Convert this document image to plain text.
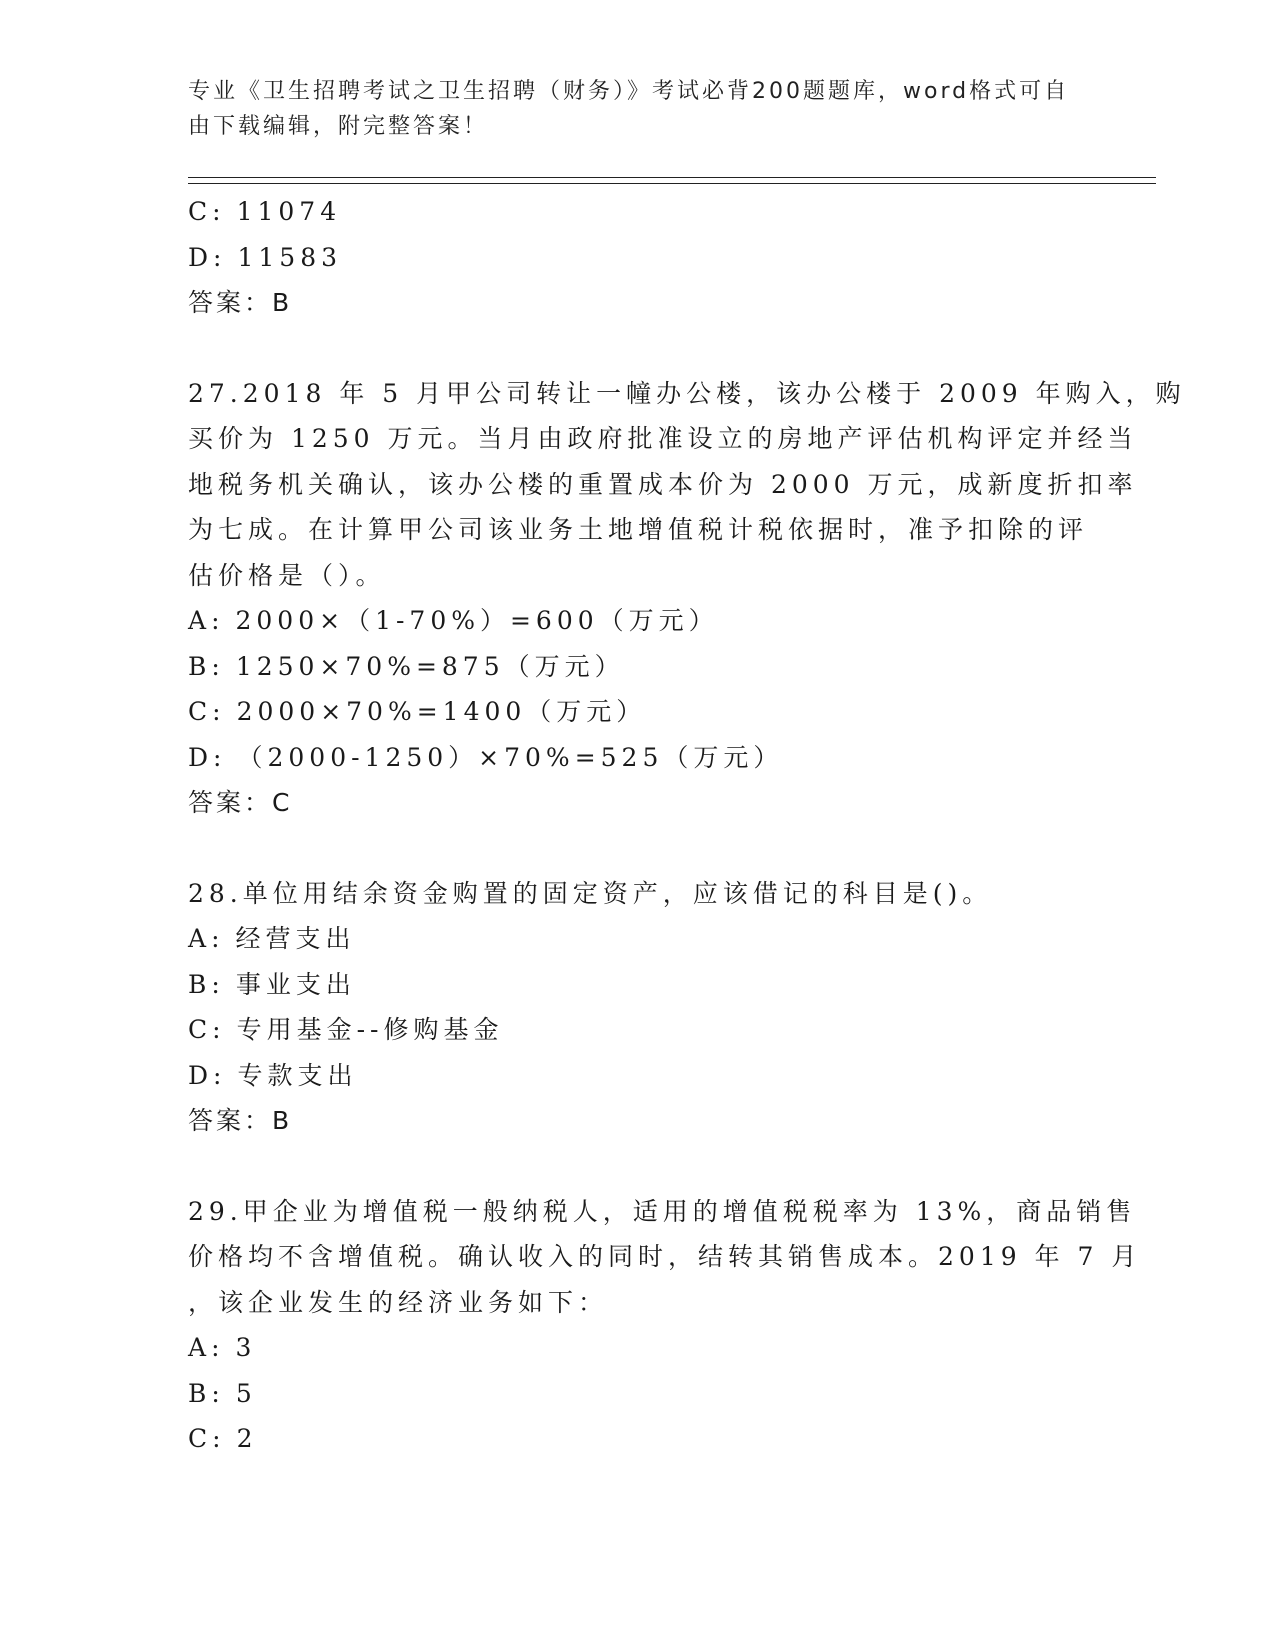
专业《卫生招聘考试之卫生招聘（财务）》考试必背200题题库，word格式可自由下载编辑，附完整答案！
C: 11074
D: 11583
答案：B
27.2018 年 5 月甲公司转让一幢办公楼，该办公楼于 2009 年购入，购
买价为 1250 万元。当月由政府批准设立的房地产评估机构评定并经当
地税务机关确认，该办公楼的重置成本价为 2000 万元，成新度折扣率
为七成。在计算甲公司该业务土地增值税计税依据时，准予扣除的评
估价格是（）。
A: 2000×（1-70%）=600（万元）
B: 1250×70%=875（万元）
C: 2000×70%=1400（万元）
D: （2000-1250）×70%=525（万元）
答案：C
28.单位用结余资金购置的固定资产，应该借记的科目是()。
A: 经营支出
B: 事业支出
C: 专用基金--修购基金
D: 专款支出
答案：B
29.甲企业为增值税一般纳税人，适用的增值税税率为 13%，商品销售
价格均不含增值税。确认收入的同时，结转其销售成本。2019 年 7 月
，该企业发生的经济业务如下：
A: 3
B: 5
C: 2
